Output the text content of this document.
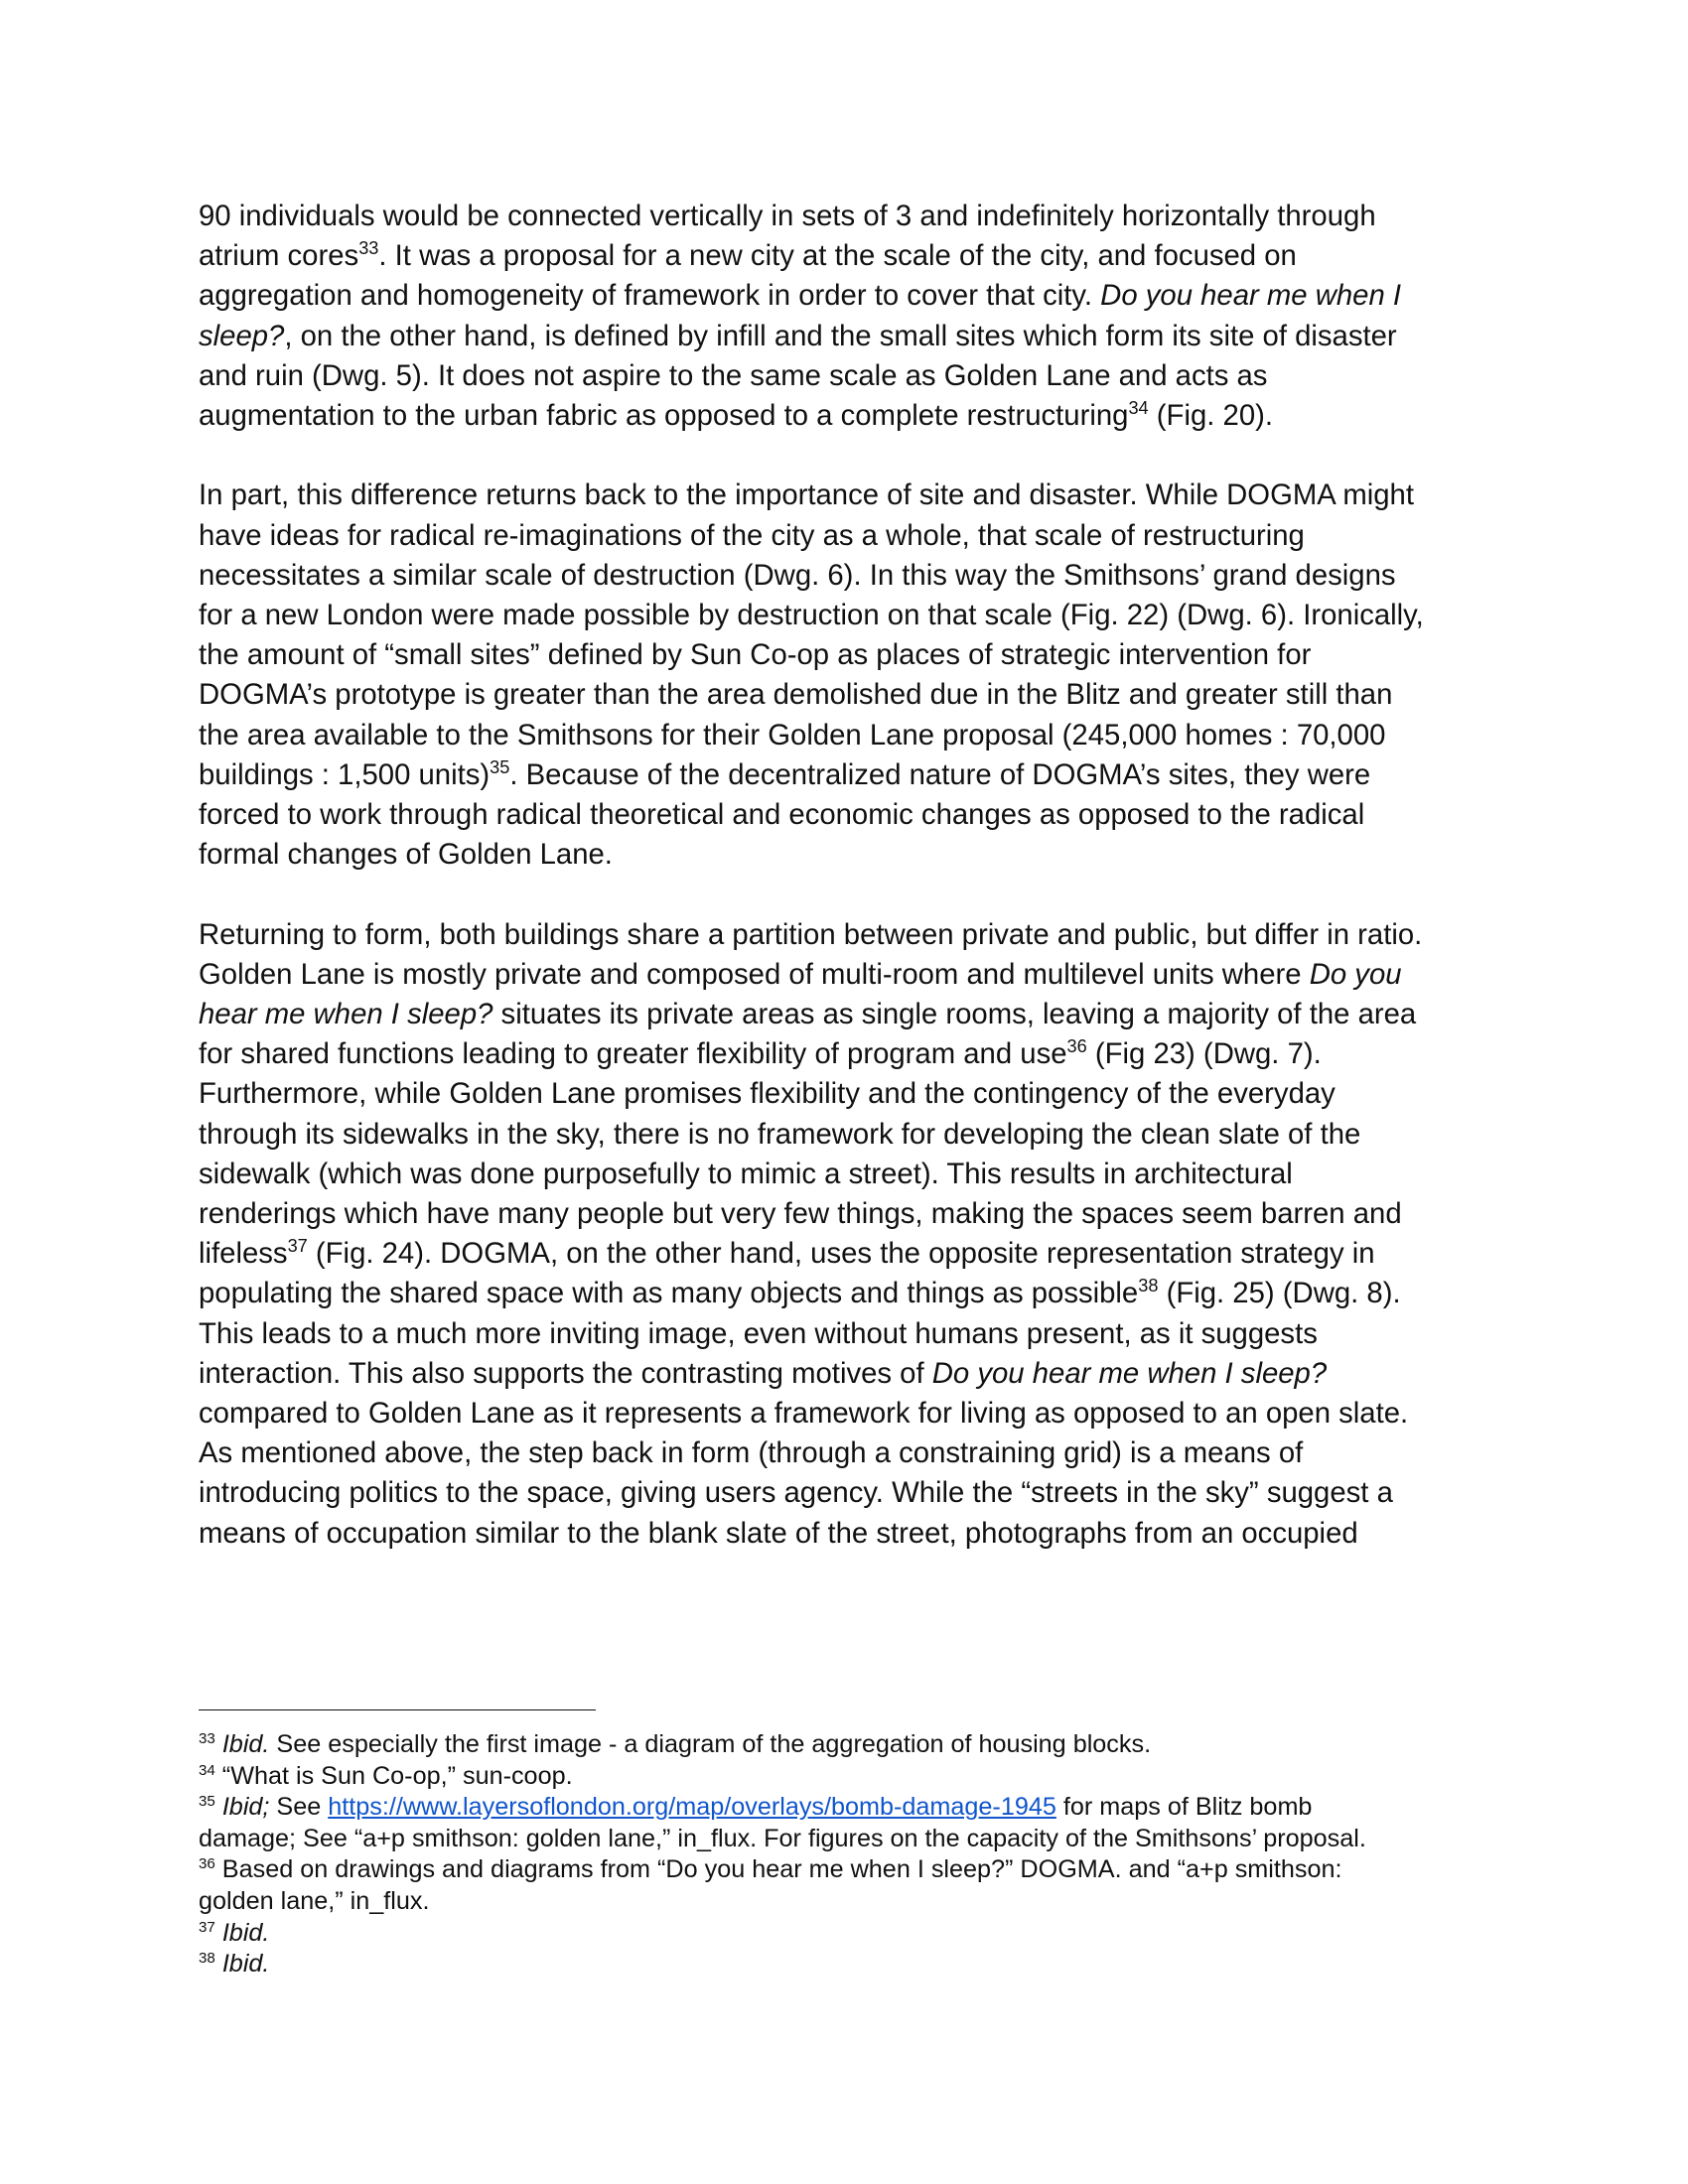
90 individuals would be connected vertically in sets of 3 and indefinitely horizontally through
atrium cores$^{33}$. It was a proposal for a new city at the scale of the city, and focused on
aggregation and homogeneity of framework in order to cover that city. Do you hear me when I
sleep?, on the other hand, is defined by infill and the small sites which form its site of disaster
and ruin (Dwg. 5). It does not aspire to the same scale as Golden Lane and acts as
augmentation to the urban fabric as opposed to a complete restructuring$^{34}$ (Fig. 20).
In part, this difference returns back to the importance of site and disaster. While DOGMA might
have ideas for radical re-imaginations of the city as a whole, that scale of restructuring
necessitates a similar scale of destruction (Dwg. 6). In this way the Smithsons’ grand designs
for a new London were made possible by destruction on that scale (Fig. 22) (Dwg. 6). Ironically,
the amount of “small sites” defined by Sun Co-op as places of strategic intervention for
DOGMA’s prototype is greater than the area demolished due in the Blitz and greater still than
the area available to the Smithsons for their Golden Lane proposal (245,000 homes : 70,000
buildings : 1,500 units)$^{35}$. Because of the decentralized nature of DOGMA’s sites, they were
forced to work through radical theoretical and economic changes as opposed to the radical
formal changes of Golden Lane.
Returning to form, both buildings share a partition between private and public, but differ in ratio.
Golden Lane is mostly private and composed of multi-room and multilevel units where Do you
hear me when I sleep? situates its private areas as single rooms, leaving a majority of the area
for shared functions leading to greater flexibility of program and use$^{36}$ (Fig 23) (Dwg. 7).
Furthermore, while Golden Lane promises flexibility and the contingency of the everyday
through its sidewalks in the sky, there is no framework for developing the clean slate of the
sidewalk (which was done purposefully to mimic a street). This results in architectural
renderings which have many people but very few things, making the spaces seem barren and
lifeless$^{37}$ (Fig. 24). DOGMA, on the other hand, uses the opposite representation strategy in
populating the shared space with as many objects and things as possible$^{38}$ (Fig. 25) (Dwg. 8).
This leads to a much more inviting image, even without humans present, as it suggests
interaction. This also supports the contrasting motives of Do you hear me when I sleep?
compared to Golden Lane as it represents a framework for living as opposed to an open slate.
As mentioned above, the step back in form (through a constraining grid) is a means of
introducing politics to the space, giving users agency. While the “streets in the sky” suggest a
means of occupation similar to the blank slate of the street, photographs from an occupied
$^{33}$ Ibid. See especially the first image - a diagram of the aggregation of housing blocks.
$^{34}$ “What is Sun Co-op,” sun-coop.
$^{35}$ Ibid; See https://www.layersoflondon.org/map/overlays/bomb-damage-1945 for maps of Blitz bomb
damage; See “a+p smithson: golden lane,” in_flux. For figures on the capacity of the Smithsons’ proposal.
$^{36}$ Based on drawings and diagrams from “Do you hear me when I sleep?” DOGMA. and “a+p smithson:
golden lane,” in_flux.
$^{37}$ Ibid.
$^{38}$ Ibid.
